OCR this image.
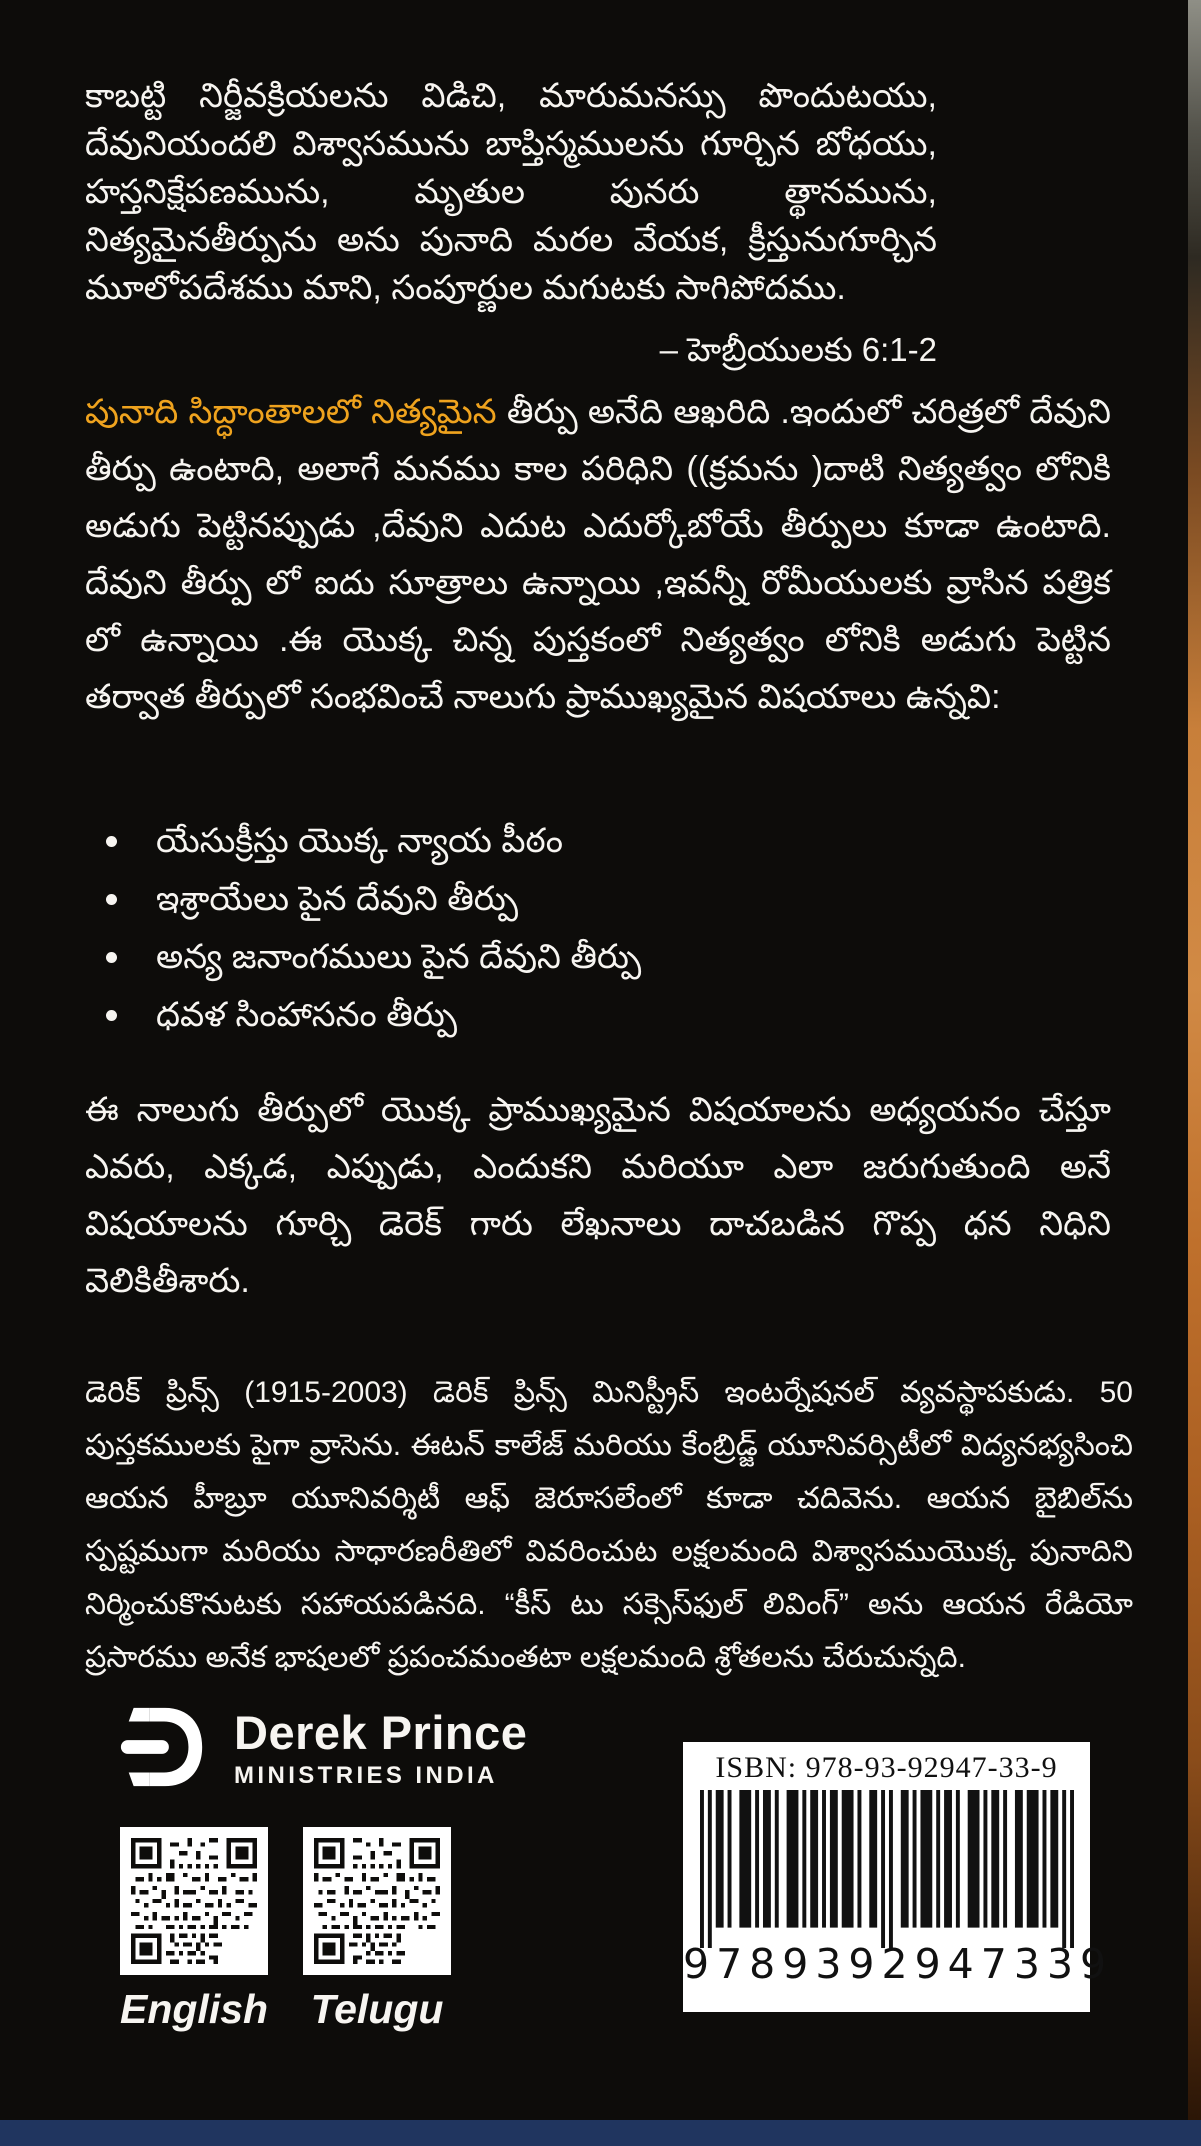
కాబట్టి నిర్జీవక్రియలను విడిచి, మారుమనస్సు పొందుటయు, దేవునియందలి విశ్వాసమును బాప్తిస్మములను గూర్చిన బోధయు, హస్తనిక్షేపణమును, మృతుల పునరు త్థానమును, నిత్యమైనతీర్పును అను పునాది మరల వేయక, క్రీస్తునుగూర్చిన మూలోపదేశము మాని, సంపూర్ణుల మగుటకు సాగిపోదము.
– హెబ్రీయులకు 6:1-2
పునాది సిద్ధాంతాలలో నిత్యమైన తీర్పు అనేది ఆఖరిది .ఇందులో చరిత్రలో దేవుని తీర్పు ఉంటాది, అలాగే మనము కాల పరిధిని ((క్రమను )దాటి నిత్యత్వం లోనికి అడుగు పెట్టినప్పుడు ,దేవుని ఎదుట ఎదుర్కోబోయే తీర్పులు కూడా ఉంటాది. దేవుని తీర్పు లో ఐదు సూత్రాలు ఉన్నాయి ,ఇవన్నీ రోమీయులకు వ్రాసిన పత్రిక లో ఉన్నాయి .ఈ యొక్క చిన్న పుస్తకంలో నిత్యత్వం లోనికి అడుగు పెట్టిన తర్వాత తీర్పులో సంభవించే నాలుగు ప్రాముఖ్యమైన విషయాలు ఉన్నవి:
యేసుక్రీస్తు యొక్క న్యాయ పీఠం
ఇశ్రాయేలు పైన దేవుని తీర్పు
అన్య జనాంగములు పైన దేవుని తీర్పు
ధవళ సింహాసనం తీర్పు
ఈ నాలుగు తీర్పులో యొక్క ప్రాముఖ్యమైన విషయాలను అధ్యయనం చేస్తూ ఎవరు, ఎక్కడ, ఎప్పుడు, ఎందుకని మరియూ ఎలా జరుగుతుంది అనే విషయాలను గూర్చి డెరెక్ గారు లేఖనాలు దాచబడిన గొప్ప ధన నిధిని వెలికితీశారు.
డెరిక్ ప్రిన్స్ (1915-2003) డెరిక్ ప్రిన్స్ మినిస్ట్రీస్ ఇంటర్నేషనల్ వ్యవస్థాపకుడు. 50 పుస్తకములకు పైగా వ్రాసెను. ఈటన్ కాలేజ్ మరియు కేంబ్రిడ్జ్ యూనివర్సిటీలో విద్యనభ్యసించి ఆయన హీబ్రూ యూనివర్శిటీ ఆఫ్ జెరూసలేంలో కూడా చదివెను. ఆయన బైబిల్‌ను స్పష్టముగా మరియు సాధారణరీతిలో వివరించుట లక్షలమంది విశ్వాసముయొక్క పునాదిని నిర్మించుకొనుటకు సహాయపడినది. “కీస్ టు సక్సెస్‌ఫుల్ లివింగ్” అను ఆయన రేడియో ప్రసారము అనేక భాషలలో ప్రపంచమంతటా లక్షలమంది శ్రోతలను చేరుచున్నది.
Derek Prince
MINISTRIES INDIA
English Telugu
ISBN: 978-93-92947-33-9
9789392947339
